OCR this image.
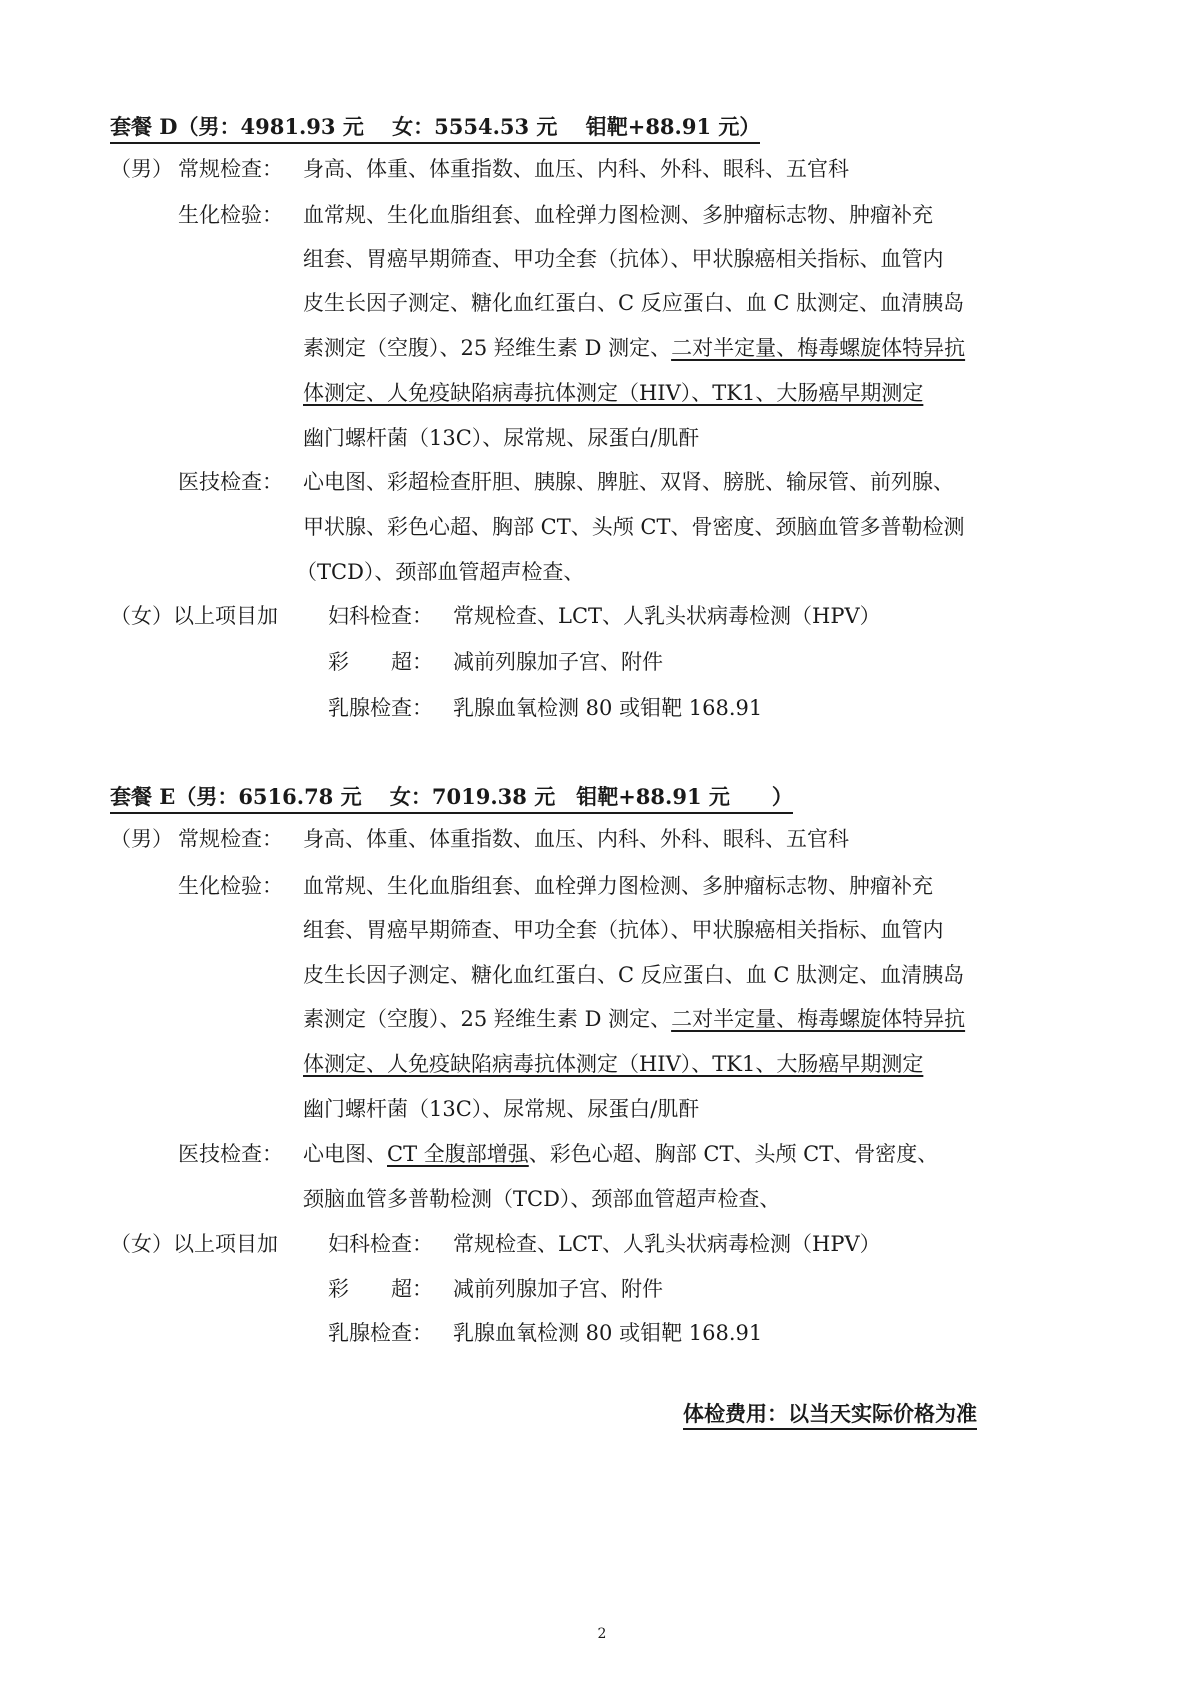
套餐 D（男：4981.93 元　 女：5554.53 元　 钼靶+88.91 元）
（男） 常规检查： 身高、体重、体重指数、血压、内科、外科、眼科、五官科
生化检验： 血常规、生化血脂组套、血栓弹力图检测、多肿瘤标志物、肿瘤补充
组套、胃癌早期筛查、甲功全套（抗体）、甲状腺癌相关指标、血管内
皮生长因子测定、糖化血红蛋白、C 反应蛋白、血 C 肽测定、血清胰岛
素测定（空腹）、25 羟维生素 D 测定、二对半定量、梅毒螺旋体特异抗
体测定、人免疫缺陷病毒抗体测定（HIV）、TK1、大肠癌早期测定
幽门螺杆菌（13C）、尿常规、尿蛋白/肌酐
医技检查： 心电图、彩超检查肝胆、胰腺、脾脏、双肾、膀胱、输尿管、前列腺、
甲状腺、彩色心超、胸部 CT、头颅 CT、骨密度、颈脑血管多普勒检测
（TCD）、颈部血管超声检查、
（女）以上项目加 妇科检查： 常规检查、LCT、人乳头状病毒检测（HPV）
彩　　超： 减前列腺加子宫、附件
乳腺检查： 乳腺血氧检测 80 或钼靶 168.91
套餐 E（男：6516.78 元　 女：7019.38 元　钼靶+88.91 元　　）
（男） 常规检查： 身高、体重、体重指数、血压、内科、外科、眼科、五官科
生化检验： 血常规、生化血脂组套、血栓弹力图检测、多肿瘤标志物、肿瘤补充
组套、胃癌早期筛查、甲功全套（抗体）、甲状腺癌相关指标、血管内
皮生长因子测定、糖化血红蛋白、C 反应蛋白、血 C 肽测定、血清胰岛
素测定（空腹）、25 羟维生素 D 测定、二对半定量、梅毒螺旋体特异抗
体测定、人免疫缺陷病毒抗体测定（HIV）、TK1、大肠癌早期测定
幽门螺杆菌（13C）、尿常规、尿蛋白/肌酐
医技检查： 心电图、CT 全腹部增强、彩色心超、胸部 CT、头颅 CT、骨密度、
颈脑血管多普勒检测（TCD）、颈部血管超声检查、
（女）以上项目加 妇科检查： 常规检查、LCT、人乳头状病毒检测（HPV）
彩　　超： 减前列腺加子宫、附件
乳腺检查： 乳腺血氧检测 80 或钼靶 168.91
体检费用：以当天实际价格为准
2
